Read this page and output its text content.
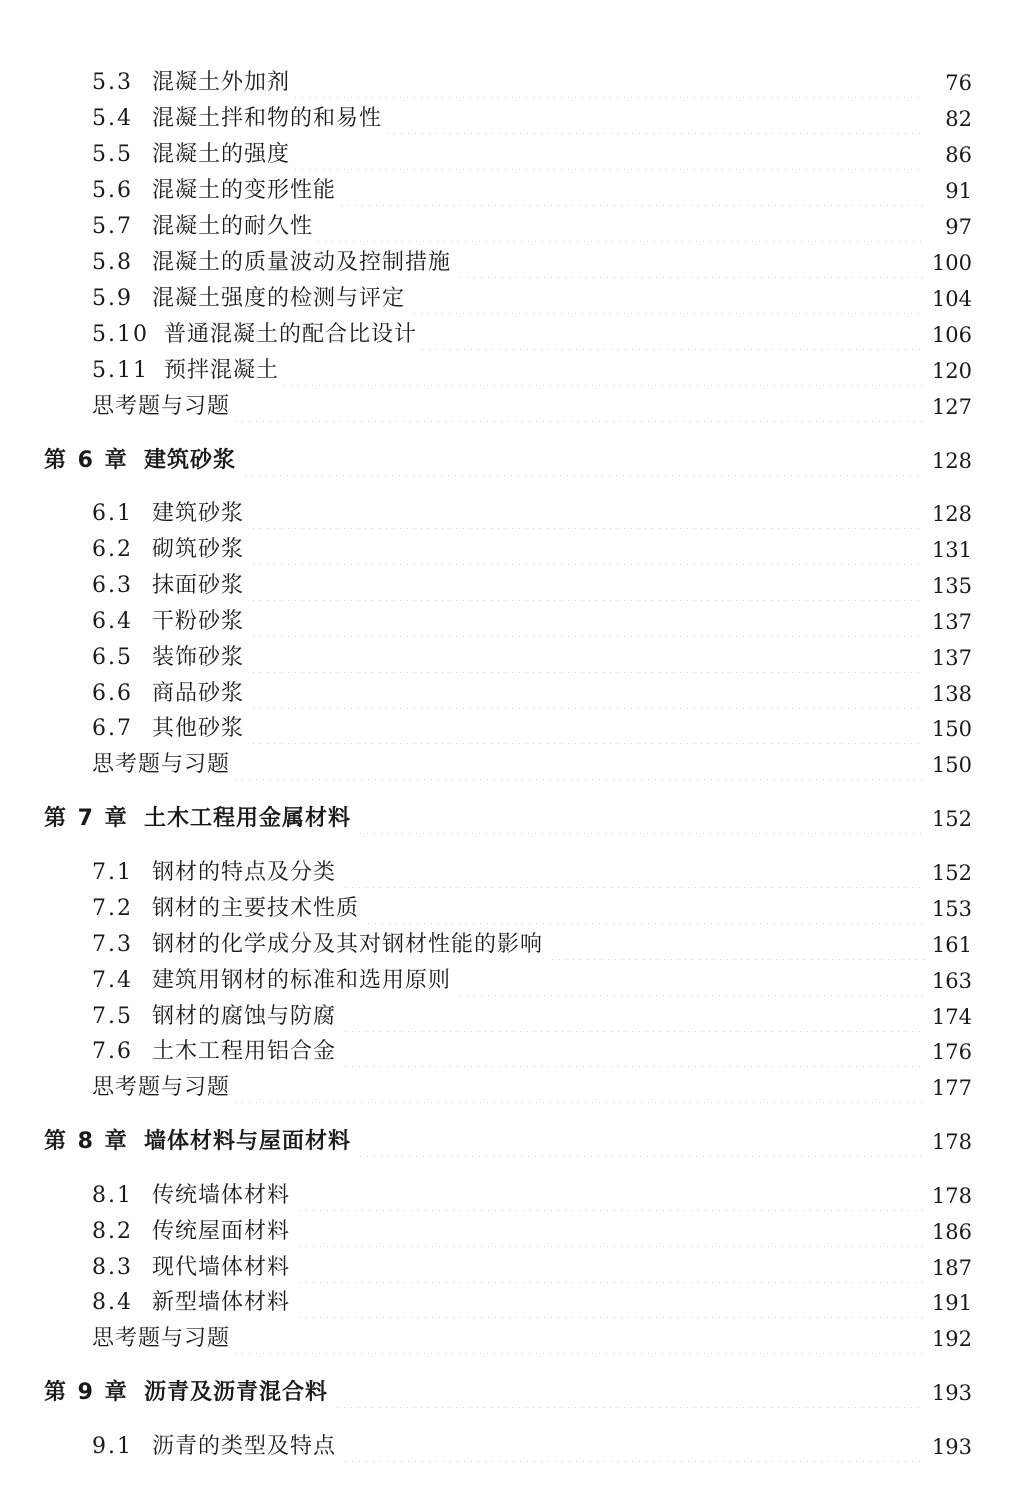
5.3 混凝土外加剂	76
5.4 混凝土拌和物的和易性	82
5.5 混凝土的强度	86
5.6 混凝土的变形性能	91
5.7 混凝土的耐久性	97
5.8 混凝土的质量波动及控制措施	100
5.9 混凝土强度的检测与评定	104
5.10 普通混凝土的配合比设计	106
5.11 预拌混凝土	120
思考题与习题	127
第 6 章 建筑砂浆	128
6.1 建筑砂浆	128
6.2 砌筑砂浆	131
6.3 抹面砂浆	135
6.4 干粉砂浆	137
6.5 装饰砂浆	137
6.6 商品砂浆	138
6.7 其他砂浆	150
思考题与习题	150
第 7 章 土木工程用金属材料	152
7.1 钢材的特点及分类	152
7.2 钢材的主要技术性质	153
7.3 钢材的化学成分及其对钢材性能的影响	161
7.4 建筑用钢材的标准和选用原则	163
7.5 钢材的腐蚀与防腐	174
7.6 土木工程用铝合金	176
思考题与习题	177
第 8 章 墙体材料与屋面材料	178
8.1 传统墙体材料	178
8.2 传统屋面材料	186
8.3 现代墙体材料	187
8.4 新型墙体材料	191
思考题与习题	192
第 9 章 沥青及沥青混合料	193
9.1 沥青的类型及特点	193
